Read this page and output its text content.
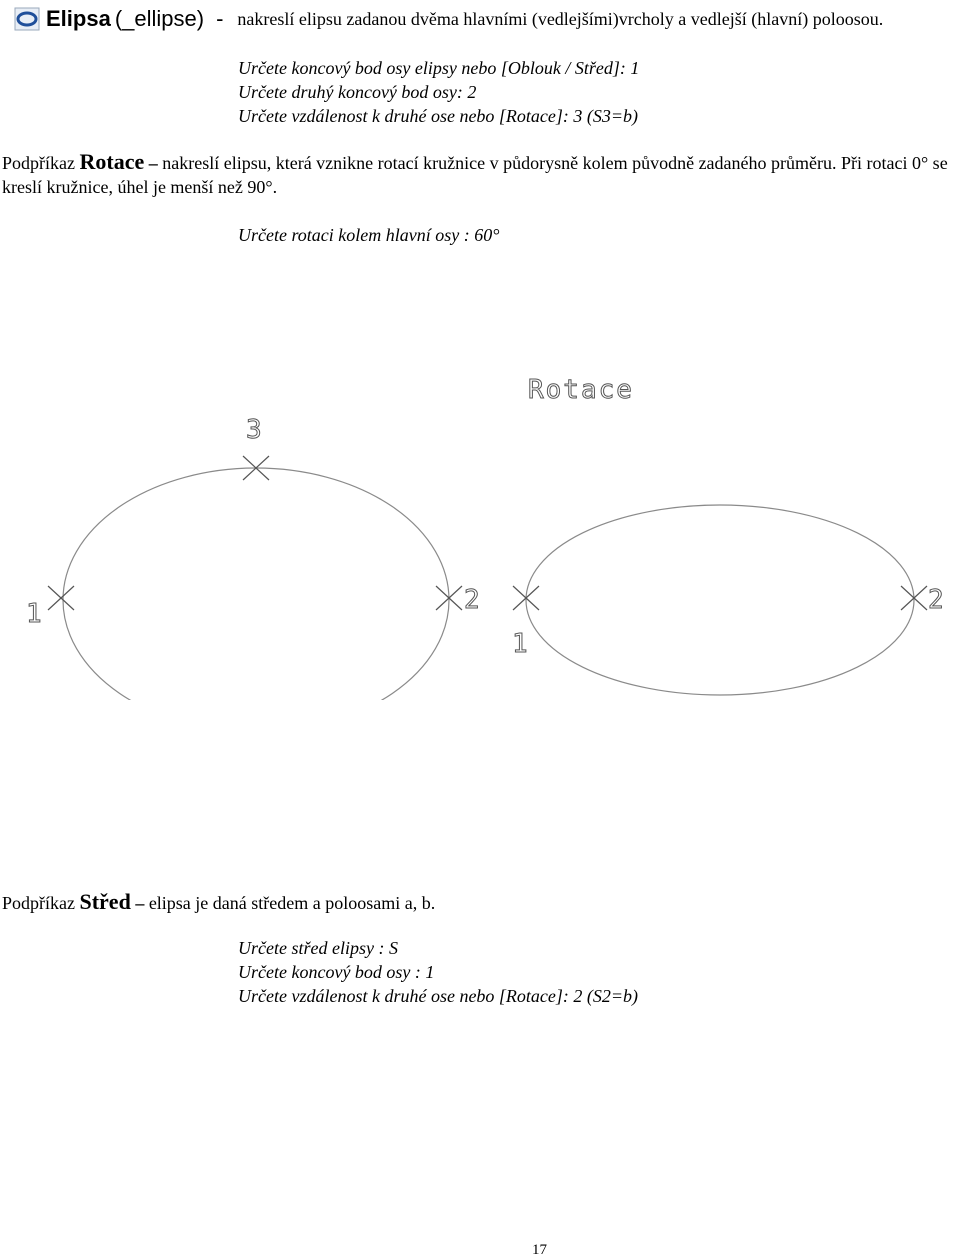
Elipsa (_ellipse) - nakreslí elipsu zadanou dvěma hlavními (vedlejšími)vrcholy a vedlejší (hlavní) poloosou.
Určete koncový bod osy elipsy nebo [Oblouk / Střed]: 1
Určete druhý koncový bod osy: 2
Určete vzdálenost k druhé ose nebo [Rotace]: 3 (S3=b)
Podpříkaz Rotace – nakreslí elipsu, která vznikne rotací kružnice v půdorysně kolem původně zadaného průměru. Při rotaci 0° se kreslí kružnice, úhel je menší než 90°.
Určete rotaci kolem hlavní osy : 60°
1	2
3
1
2
Rotace
Podpříkaz Střed – elipsa je daná středem a poloosami a, b.
Určete střed elipsy : S
Určete koncový bod osy : 1
Určete vzdálenost k druhé ose nebo [Rotace]: 2 (S2=b)
17
